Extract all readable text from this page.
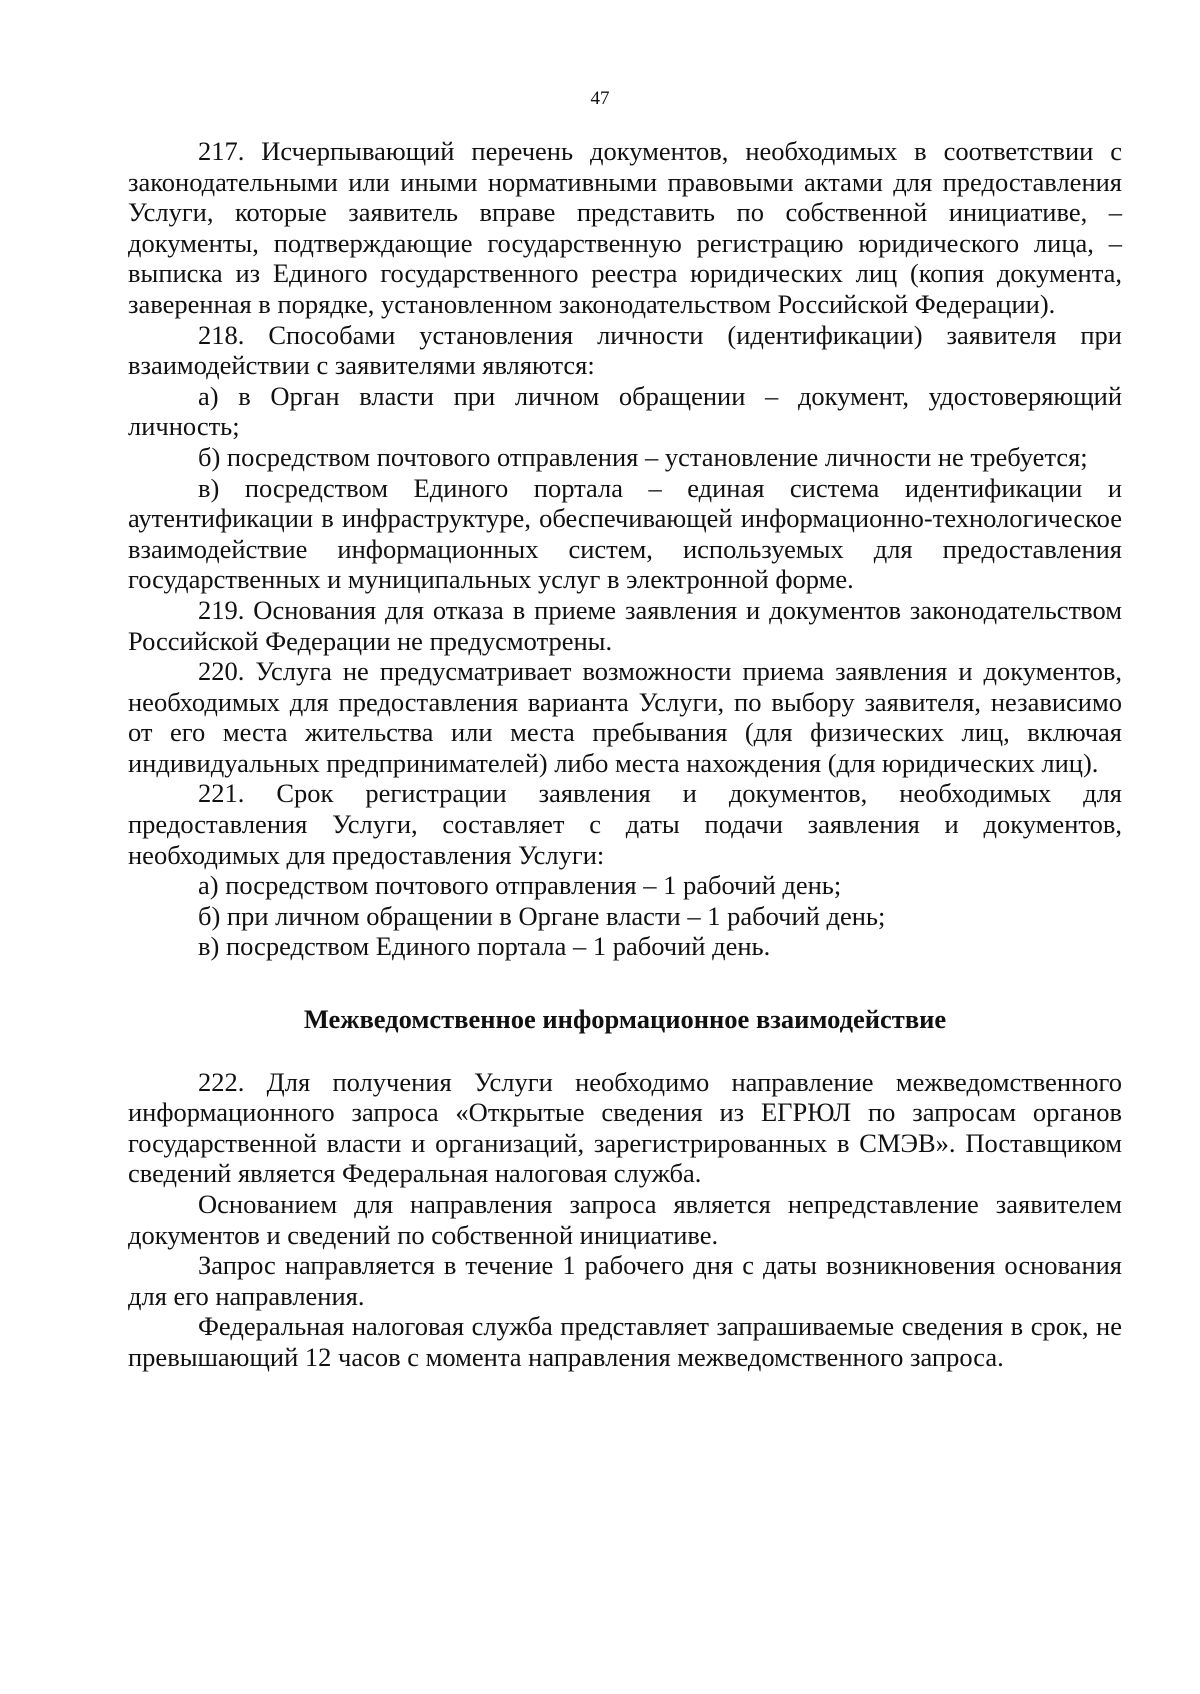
47

217. Исчерпывающий перечень документов, необходимых в соответствии с законодательными или иными нормативными правовыми актами для предоставления Услуги, которые заявитель вправе представить по собственной инициативе, – документы, подтверждающие государственную регистрацию юридического лица, – выписка из Единого государственного реестра юридических лиц (копия документа, заверенная в порядке, установленном законодательством Российской Федерации).

218. Способами установления личности (идентификации) заявителя при взаимодействии с заявителями являются:

а) в Орган власти при личном обращении – документ, удостоверяющий личность;

б) посредством почтового отправления – установление личности не требуется;

в) посредством Единого портала – единая система идентификации и аутентификации в инфраструктуре, обеспечивающей информационно-технологическое взаимодействие информационных систем, используемых для предоставления государственных и муниципальных услуг в электронной форме.

219. Основания для отказа в приеме заявления и документов законодательством Российской Федерации не предусмотрены.

220. Услуга не предусматривает возможности приема заявления и документов, необходимых для предоставления варианта Услуги, по выбору заявителя, независимо от его места жительства или места пребывания (для физических лиц, включая индивидуальных предпринимателей) либо места нахождения (для юридических лиц).

221. Срок регистрации заявления и документов, необходимых для предоставления Услуги, составляет с даты подачи заявления и документов, необходимых для предоставления Услуги:

а) посредством почтового отправления – 1 рабочий день;

б) при личном обращении в Органе власти – 1 рабочий день;

в) посредством Единого портала – 1 рабочий день.

Межведомственное информационное взаимодействие

222. Для получения Услуги необходимо направление межведомственного информационного запроса «Открытые сведения из ЕГРЮЛ по запросам органов государственной власти и организаций, зарегистрированных в СМЭВ». Поставщиком сведений является Федеральная налоговая служба.

Основанием для направления запроса является непредставление заявителем документов и сведений по собственной инициативе.

Запрос направляется в течение 1 рабочего дня с даты возникновения основания для его направления.

Федеральная налоговая служба представляет запрашиваемые сведения в срок, не превышающий 12 часов с момента направления межведомственного запроса.
